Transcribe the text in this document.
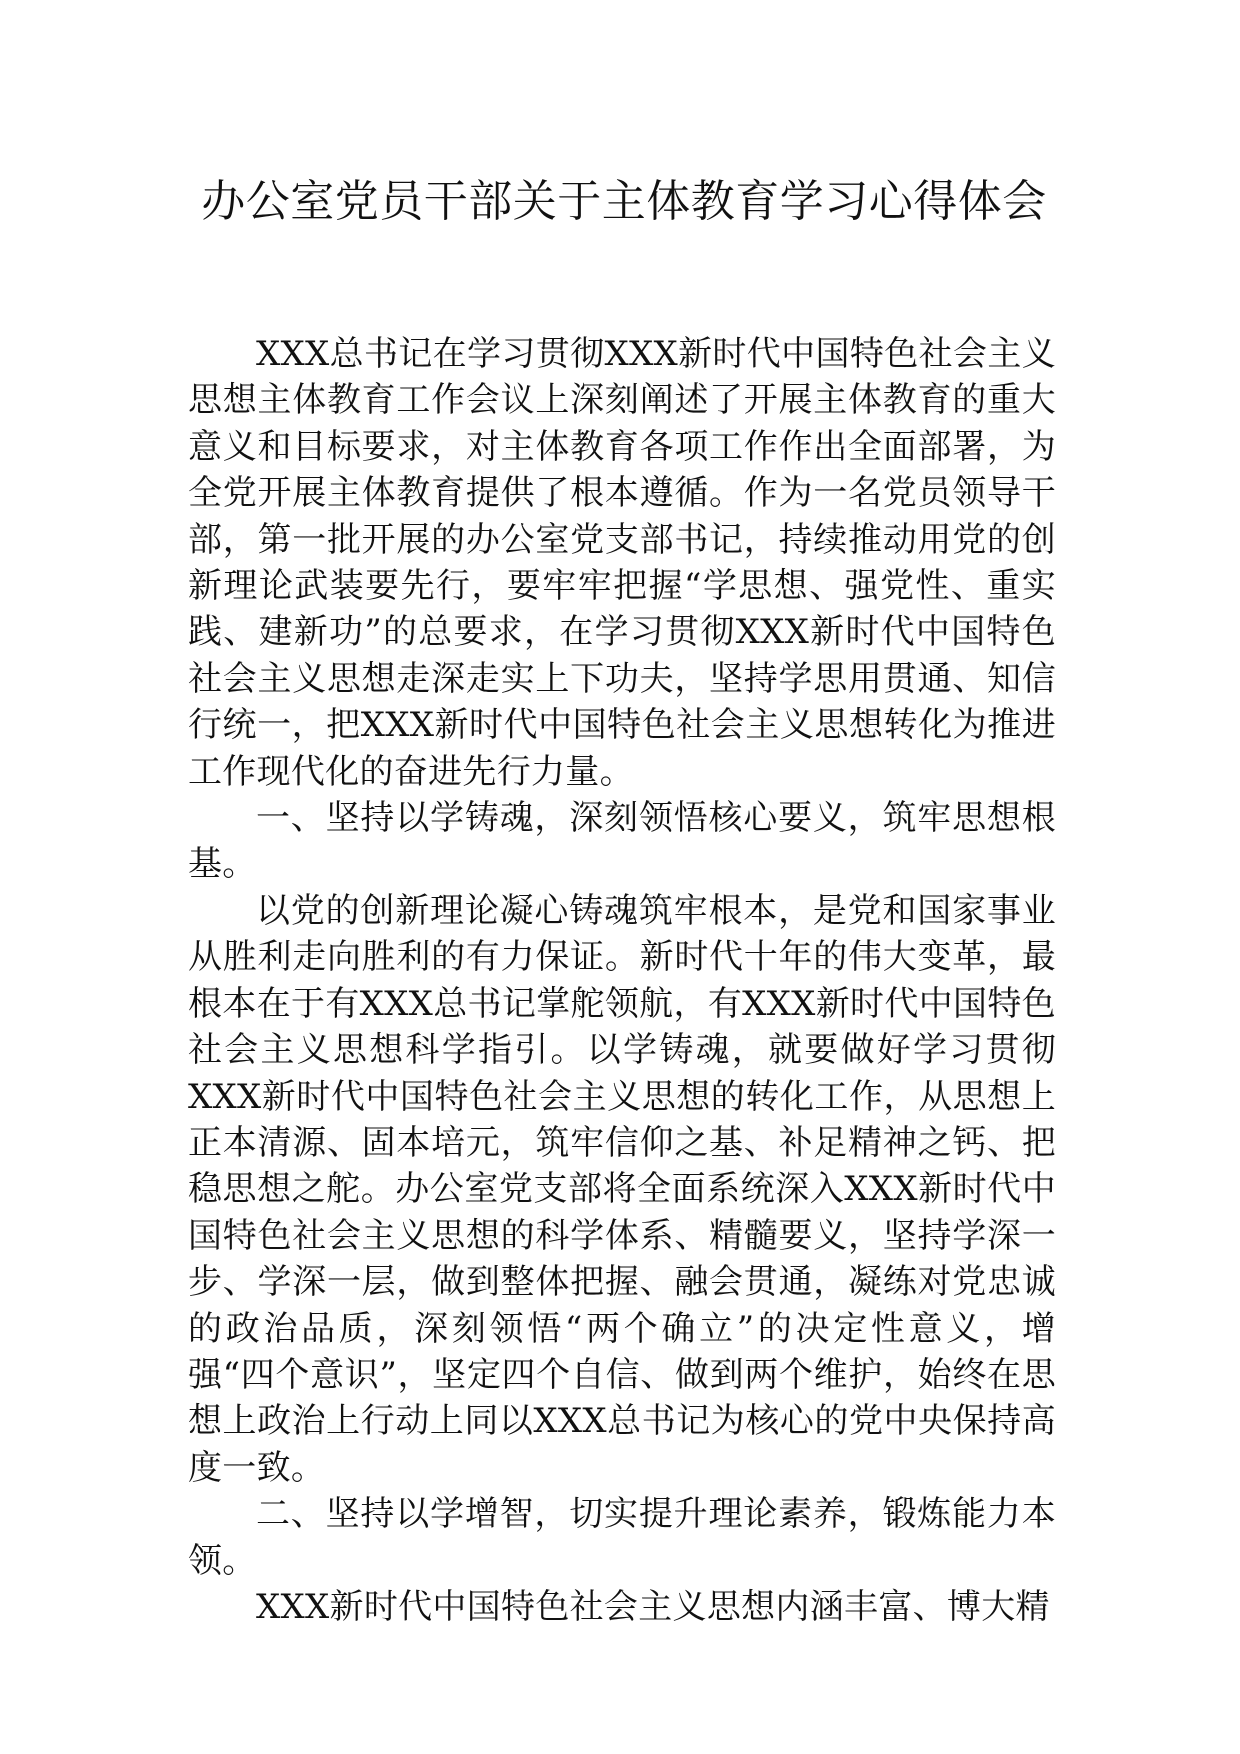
办公室党员干部关于主体教育学习心得体会

XXX总书记在学习贯彻XXX新时代中国特色社会主义思想主体教育工作会议上深刻阐述了开展主体教育的重大意义和目标要求，对主体教育各项工作作出全面部署，为全党开展主体教育提供了根本遵循。作为一名党员领导干部，第一批开展的办公室党支部书记，持续推动用党的创新理论武装要先行，要牢牢把握“学思想、强党性、重实践、建新功”的总要求，在学习贯彻XXX新时代中国特色社会主义思想走深走实上下功夫，坚持学思用贯通、知信行统一，把XXX新时代中国特色社会主义思想转化为推进工作现代化的奋进先行力量。

一、坚持以学铸魂，深刻领悟核心要义，筑牢思想根基。

以党的创新理论凝心铸魂筑牢根本，是党和国家事业从胜利走向胜利的有力保证。新时代十年的伟大变革，最根本在于有XXX总书记掌舵领航，有XXX新时代中国特色社会主义思想科学指引。以学铸魂，就要做好学习贯彻XXX新时代中国特色社会主义思想的转化工作，从思想上正本清源、固本培元，筑牢信仰之基、补足精神之钙、把稳思想之舵。办公室党支部将全面系统深入XXX新时代中国特色社会主义思想的科学体系、精髓要义，坚持学深一步、学深一层，做到整体把握、融会贯通，凝练对党忠诚的政治品质，深刻领悟“两个确立”的决定性意义，增强“四个意识”，坚定四个自信、做到两个维护，始终在思想上政治上行动上同以XXX总书记为核心的党中央保持高度一致。

二、坚持以学增智，切实提升理论素养，锻炼能力本领。

XXX新时代中国特色社会主义思想内涵丰富、博大精
